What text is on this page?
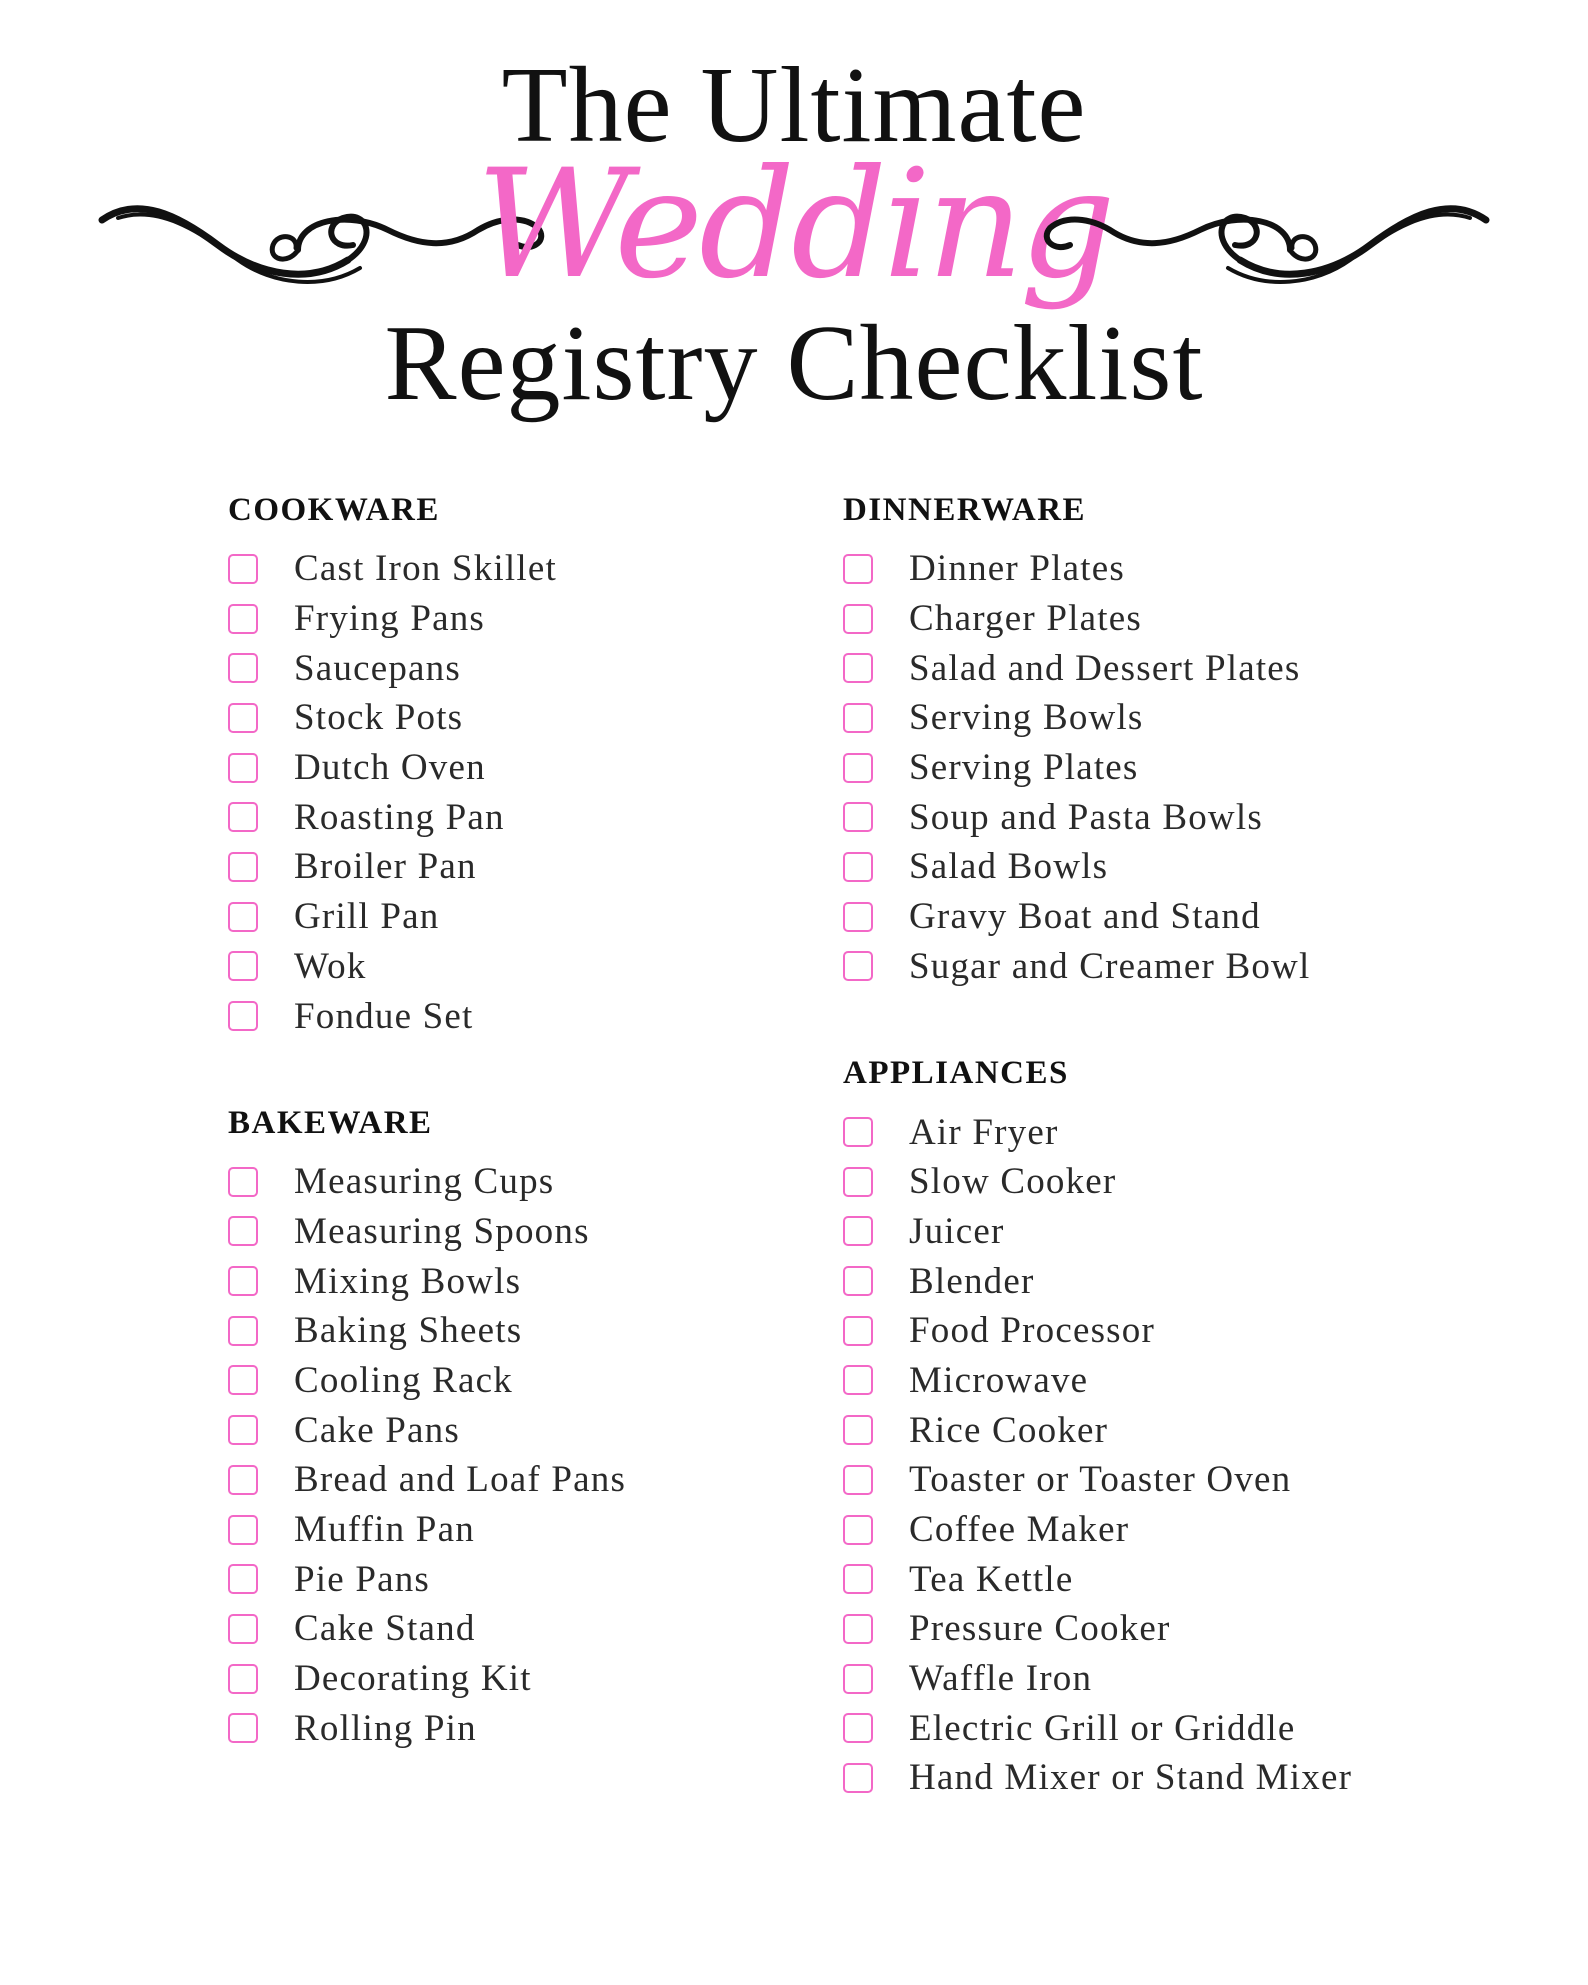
The Ultimate
Wedding
Registry Checklist
COOKWARE
Cast Iron Skillet
Frying Pans
Saucepans
Stock Pots
Dutch Oven
Roasting Pan
Broiler Pan
Grill Pan
Wok
Fondue Set
BAKEWARE
Measuring Cups
Measuring Spoons
Mixing Bowls
Baking Sheets
Cooling Rack
Cake Pans
Bread and Loaf Pans
Muffin Pan
Pie Pans
Cake Stand
Decorating Kit
Rolling Pin
DINNERWARE
Dinner Plates
Charger Plates
Salad and Dessert Plates
Serving Bowls
Serving Plates
Soup and Pasta Bowls
Salad Bowls
Gravy Boat and Stand
Sugar and Creamer Bowl
APPLIANCES
Air Fryer
Slow Cooker
Juicer
Blender
Food Processor
Microwave
Rice Cooker
Toaster or Toaster Oven
Coffee Maker
Tea Kettle
Pressure Cooker
Waffle Iron
Electric Grill or Griddle
Hand Mixer or Stand Mixer
